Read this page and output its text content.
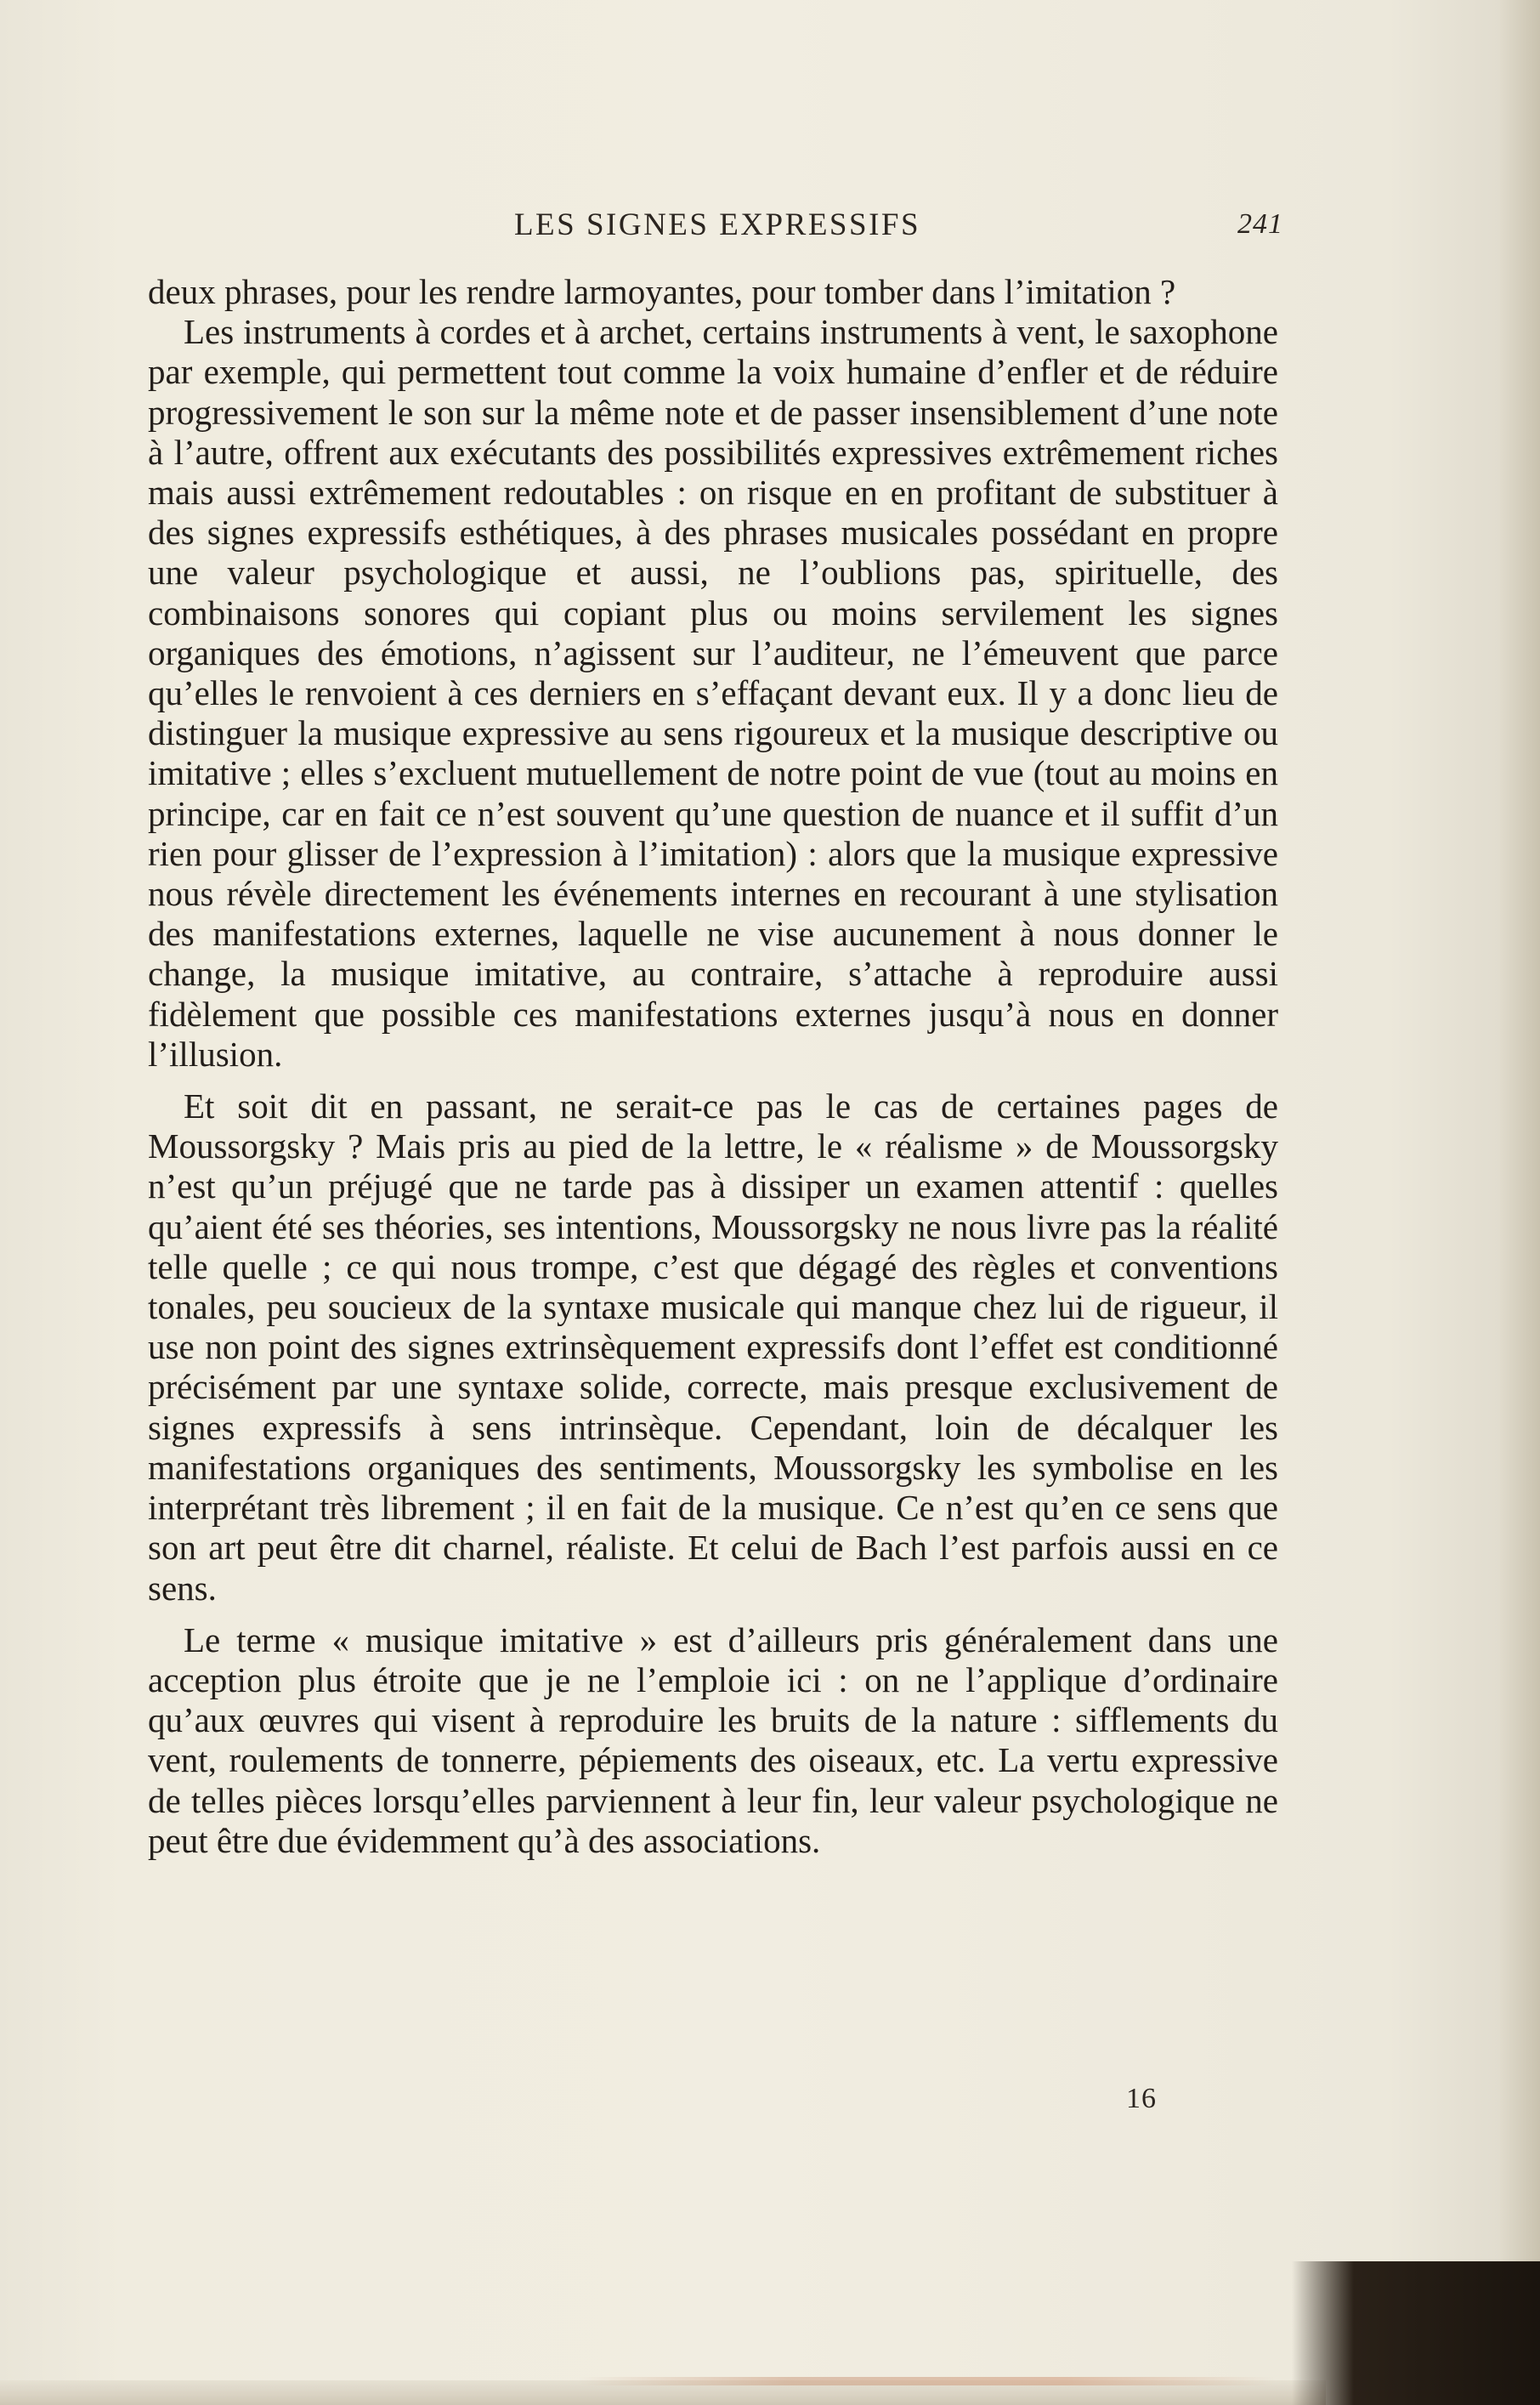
LES SIGNES EXPRESSIFS	241

deux phrases, pour les rendre larmoyantes, pour tomber dans l’imitation ?

Les instruments à cordes et à archet, certains instruments à vent, le saxophone par exemple, qui permettent tout comme la voix humaine d’enfler et de réduire progressivement le son sur la même note et de passer insensiblement d’une note à l’autre, offrent aux exécutants des possibilités expressives extrêmement riches mais aussi extrêmement redoutables : on risque en en profitant de substituer à des signes expressifs esthétiques, à des phrases musicales possédant en propre une valeur psychologique et aussi, ne l’oublions pas, spirituelle, des combinaisons sonores qui copiant plus ou moins servilement les signes organiques des émotions, n’agissent sur l’auditeur, ne l’émeuvent que parce qu’elles le renvoient à ces derniers en s’effaçant devant eux. Il y a donc lieu de distinguer la musique expressive au sens rigoureux et la musique descriptive ou imitative ; elles s’excluent mutuellement de notre point de vue (tout au moins en principe, car en fait ce n’est souvent qu’une question de nuance et il suffit d’un rien pour glisser de l’expression à l’imitation) : alors que la musique expressive nous révèle directement les événements internes en recourant à une stylisation des manifestations externes, laquelle ne vise aucunement à nous donner le change, la musique imitative, au contraire, s’attache à reproduire aussi fidèlement que possible ces manifestations externes jusqu’à nous en donner l’illusion.

Et soit dit en passant, ne serait-ce pas le cas de certaines pages de Moussorgsky ? Mais pris au pied de la lettre, le « réalisme » de Moussorgsky n’est qu’un préjugé que ne tarde pas à dissiper un examen attentif : quelles qu’aient été ses théories, ses intentions, Moussorgsky ne nous livre pas la réalité telle quelle ; ce qui nous trompe, c’est que dégagé des règles et conventions tonales, peu soucieux de la syntaxe musicale qui manque chez lui de rigueur, il use non point des signes extrinsèquement expressifs dont l’effet est conditionné précisément par une syntaxe solide, correcte, mais presque exclusivement de signes expressifs à sens intrinsèque. Cependant, loin de décalquer les manifestations organiques des sentiments, Moussorgsky les symbolise en les interprétant très librement ; il en fait de la musique. Ce n’est qu’en ce sens que son art peut être dit charnel, réaliste. Et celui de Bach l’est parfois aussi en ce sens.

Le terme « musique imitative » est d’ailleurs pris généralement dans une acception plus étroite que je ne l’emploie ici : on ne l’applique d’ordinaire qu’aux œuvres qui visent à reproduire les bruits de la nature : sifflements du vent, roulements de tonnerre, pépiements des oiseaux, etc. La vertu expressive de telles pièces lorsqu’elles parviennent à leur fin, leur valeur psychologique ne peut être due évidemment qu’à des associations.

16
